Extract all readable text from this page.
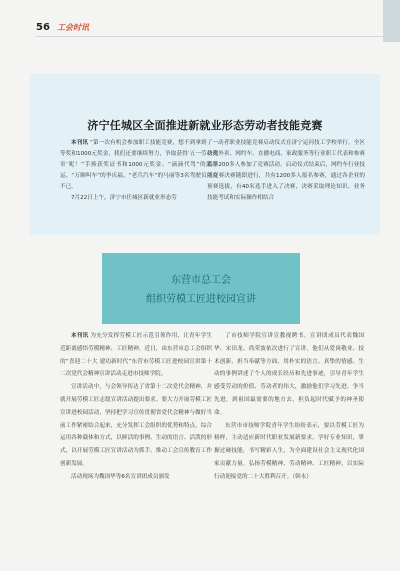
56 工会时讯
济宁任城区全面推进新就业形态劳动者技能竞赛

本刊讯 “第一次有机会参加职工技能竞赛，想不到拿到了一等奖和1000元奖金，我们还要继续努力，争取获得‘五一劳动奖章’呢！”手捧获奖证书和1000元奖金、“滴滴代驾”的邵继运、“万顺叫车”的李庆福、“老兵汽车”的马丽等3名驾驶员兴奋不已。

7月22日上午，济宁市任城区新就业形态劳

动者职业技能竞赛启动仪式在济宁运河技工学校举行。全区快递外卖、网约车、直播电商、家政服务等行业职工代表和参赛选手200多人参加了竞赛活动。启动仪式结束后，网约车行业技能竞赛决赛随即进行，共有1200多人报名参赛，通过各企业的预赛选拔，有40名选手进入了决赛，决赛采取理论知识、业务技能考试和实际操作相结合

东营市总工会
组织劳模工匠进校园宣讲

本刊讯 为充分发挥劳模工匠示范引领作用，让青年学生近距离感悟劳模精神、工匠精神，近日，由东营市总工会组织的“喜迎二十大 建功新时代”东营市劳模工匠进校园宣讲第十二次党代会精神宣讲活动走进市技师学院。

宣讲活动中，与会领导传达了省第十二次党代会精神，并就开展劳模工匠志愿宣讲活动提出要求。要大力开展劳模工匠宣讲进校园活动，坚持把学习宣传贯彻省党代会精神与做好当前工作紧密结合起来，充分发挥工会组织的优势和特点，综合运用各种载体和方式，以鲜活的事例、生动的语言、活泼的形式，以开展劳模工匠宣讲活动为抓手，推动工会宣传教育工作创新发展。

活动现场为魏国华等6名宣讲团成员颁发

了市技师学院宣讲宣教视聘书。宣讲团成员代表魏国华、宋田龙、尚荣波依次进行了宣讲，他们从爱岗敬业、技术创新、担当奉献等方面，用朴实的语言、真挚的情感、生动的事例讲述了个人的成长经历和先进事迹，引导青年学生感受劳动的价值、劳动者的伟大，激励他们学习先进、争当先进，到祖国最需要的地方去，担负起时代赋予的神圣使命。

东营市市技师学院青年学生纷纷表示，要以劳模工匠为榜样，主动适应新时代职业发展新要求，学好专业知识，掌握过硬技能，书写精彩人生，为全面建设社会主义现代化国家贡献力量。弘扬劳模精神、劳动精神、工匠精神，以实际行动迎接党的二十大胜利召开。（韩永）
